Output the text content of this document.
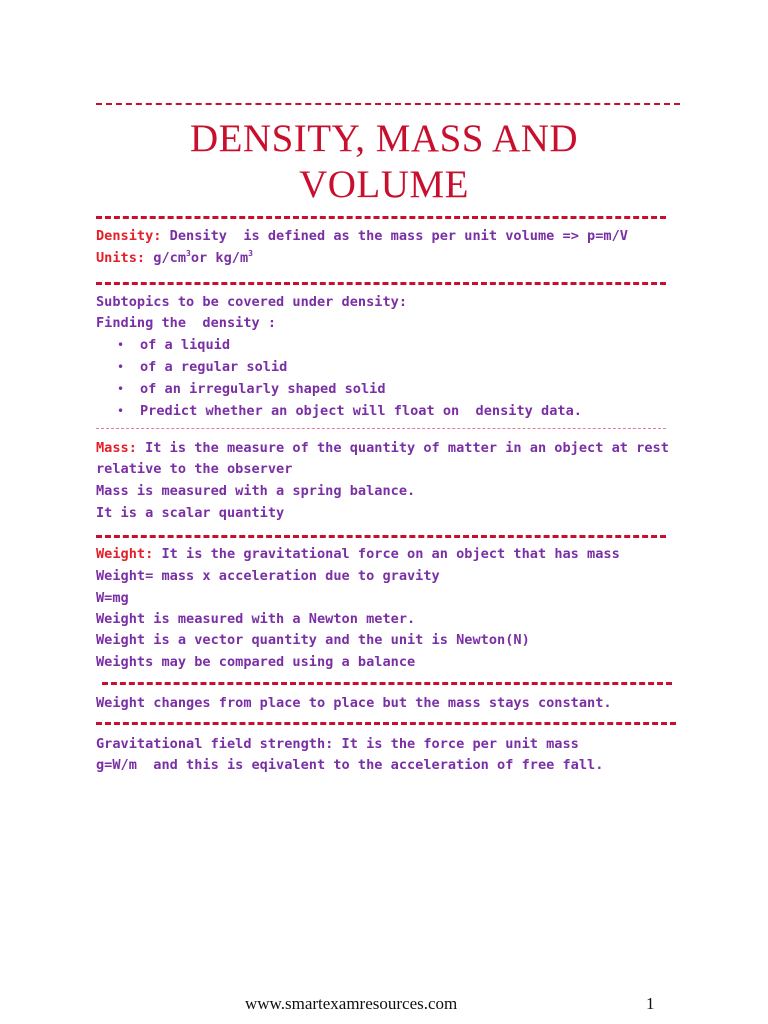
DENSITY, MASS AND
VOLUME
Density: Density  is defined as the mass per unit volume => p=m/V
Units: $g/cm^3or$ $kg/m^3$
Subtopics to be covered under density:
Finding the  density :
• of a liquid
• of a regular solid
• of an irregularly shaped solid
• Predict whether an object will float on  density data.
Mass: It is the measure of the quantity of matter in an object at rest
relative to the observer
Mass is measured with a spring balance.
It is a scalar quantity
Weight: It is the gravitational force on an object that has mass
Weight= mass x acceleration due to gravity
W=mg
Weight is measured with a Newton meter.
Weight is a vector quantity and the unit is Newton(N)
Weights may be compared using a balance
Weight changes from place to place but the mass stays constant.
Gravitational field strength: It is the force per unit mass
g=W/m  and this is eqivalent to the acceleration of free fall.
www.smartexamresources.com	1
